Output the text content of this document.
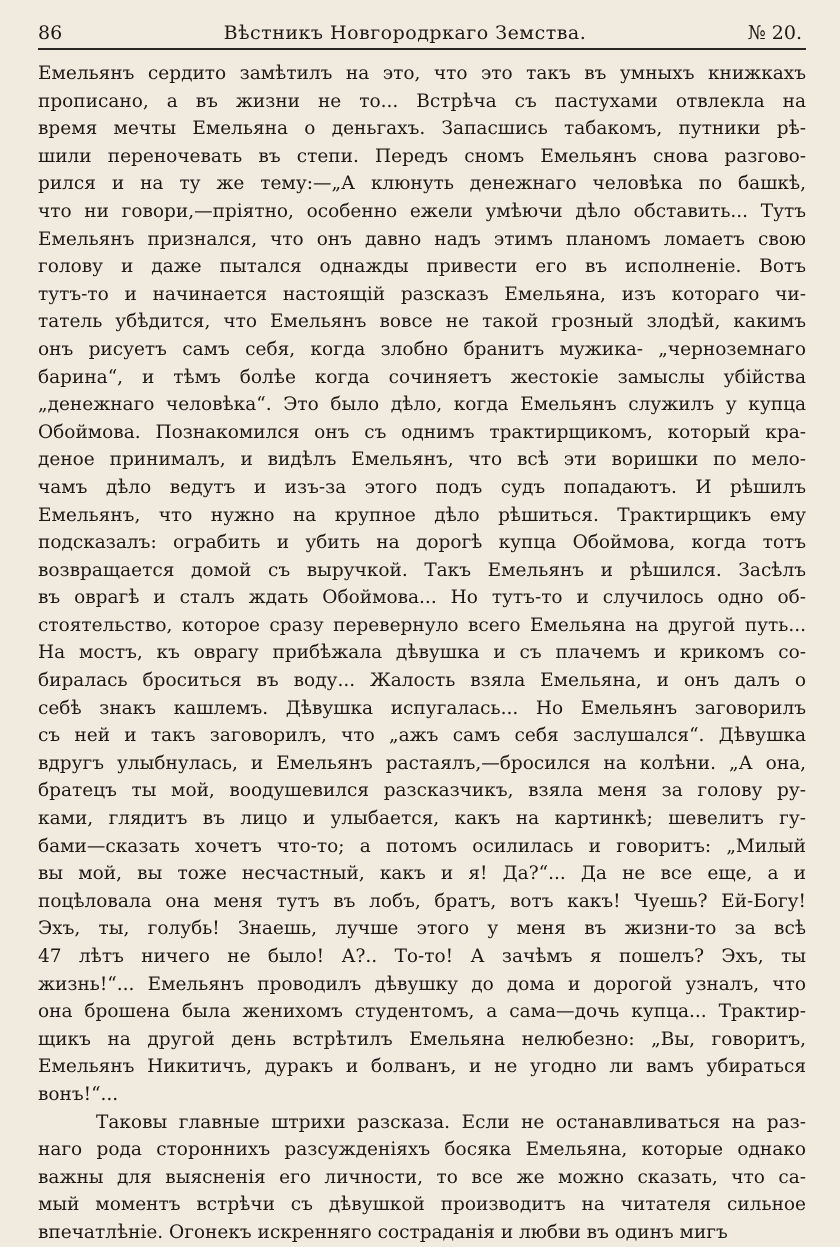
86	Вѣстникъ Новгородркаго Земства.	№ 20.
Емельянъ сердито замѣтилъ на это, что это такъ въ умныхъ книжкахъ
прописано, а въ жизни не то... Встрѣча съ пастухами отвлекла на
время мечты Емельяна о деньгахъ. Запасшись табакомъ, путники рѣ-
шили переночевать въ степи. Передъ сномъ Емельянъ снова разгово-
рился и на ту же тему:—„А клюнуть денежнаго человѣка по башкѣ,
что ни говори,—пріятно, особенно ежели умѣючи дѣло обставить... Тутъ
Емельянъ признался, что онъ давно надъ этимъ планомъ ломаетъ свою
голову и даже пытался однажды привести его въ исполненіе. Вотъ
тутъ-то и начинается настоящій разсказъ Емельяна, изъ котораго чи-
татель убѣдится, что Емельянъ вовсе не такой грозный злодѣй, какимъ
онъ рисуетъ самъ себя, когда злобно бранитъ мужика- „черноземнаго
барина“, и тѣмъ болѣе когда сочиняетъ жестокіе замыслы убійства
„денежнаго человѣка“. Это было дѣло, когда Емельянъ служилъ у купца
Обоймова. Познакомился онъ съ однимъ трактирщикомъ, который кра-
деное принималъ, и видѣлъ Емельянъ, что всѣ эти воришки по мело-
чамъ дѣло ведутъ и изъ-за этого подъ судъ попадаютъ. И рѣшилъ
Емельянъ, что нужно на крупное дѣло рѣшиться. Трактирщикъ ему
подсказалъ: ограбить и убить на дорогѣ купца Обоймова, когда тотъ
возвращается домой съ выручкой. Такъ Емельянъ и рѣшился. Засѣлъ
въ оврагѣ и сталъ ждать Обоймова... Но тутъ-то и случилось одно об-
стоятельство, которое сразу перевернуло всего Емельяна на другой путь...
На мостъ, къ оврагу прибѣжала дѣвушка и съ плачемъ и крикомъ со-
биралась броситься въ воду... Жалость взяла Емельяна, и онъ далъ о
себѣ знакъ кашлемъ. Дѣвушка испугалась... Но Емельянъ заговорилъ
съ ней и такъ заговорилъ, что „ажъ самъ себя заслушался“. Дѣвушка
вдругъ улыбнулась, и Емельянъ растаялъ,—бросился на колѣни. „А она,
братецъ ты мой, воодушевился разсказчикъ, взяла меня за голову ру-
ками, глядитъ въ лицо и улыбается, какъ на картинкѣ; шевелитъ гу-
бами—сказать хочетъ что-то; а потомъ осилилась и говоритъ: „Милый
вы мой, вы тоже несчастный, какъ и я! Да?“... Да не все еще, а и
поцѣловала она меня тутъ въ лобъ, братъ, вотъ какъ! Чуешь? Ей-Богу!
Эхъ, ты, голубь! Знаешь, лучше этого у меня въ жизни-то за всѣ
47 лѣтъ ничего не было! А?.. То-то! А зачѣмъ я пошелъ? Эхъ, ты
жизнь!“... Емельянъ проводилъ дѣвушку до дома и дорогой узналъ, что
она брошена была женихомъ студентомъ, а сама—дочь купца... Трактир-
щикъ на другой день встрѣтилъ Емельяна нелюбезно: „Вы, говоритъ,
Емельянъ Никитичъ, дуракъ и болванъ, и не угодно ли вамъ убираться
вонъ!“...
Таковы главные штрихи разсказа. Если не останавливаться на раз-
наго рода стороннихъ разсужденіяхъ босяка Емельяна, которые однако
важны для выясненія его личности, то все же можно сказать, что са-
мый моментъ встрѣчи съ дѣвушкой производитъ на читателя сильное
впечатлѣніе. Огонекъ искренняго состраданія и любви въ одинъ мигъ
